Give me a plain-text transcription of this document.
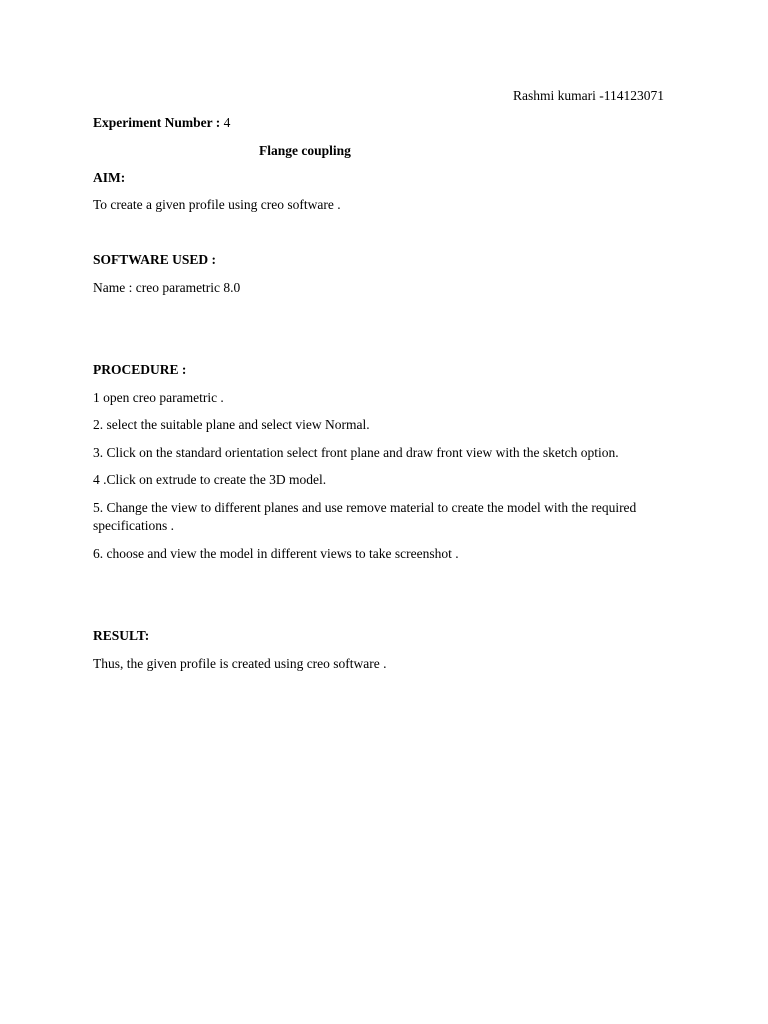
Rashmi kumari -114123071
Experiment Number : 4
Flange coupling
AIM:
To create a given profile using creo software .
SOFTWARE USED :
Name : creo parametric 8.0
PROCEDURE :
1 open creo parametric .
2. select the suitable plane and select view Normal.
3. Click on the standard orientation select front plane and draw front view with the sketch option.
4 .Click on extrude to create the 3D model.
5. Change the view to different planes and use remove material to create the model with the required specifications .
6. choose and view the model in different views to take screenshot .
RESULT:
Thus, the given profile is created using creo software .
